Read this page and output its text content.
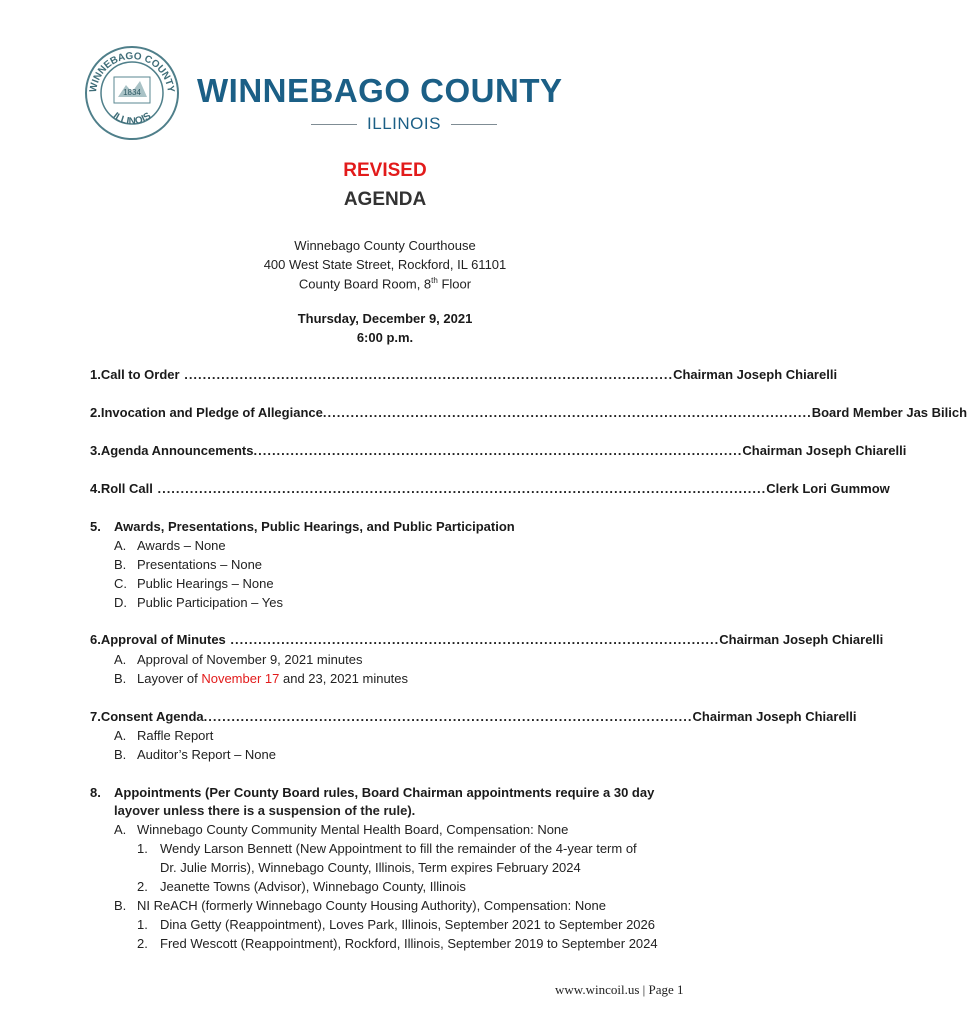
WINNEBAGO COUNTY
ILLINOIS
1834 WINNEBAGO COUNTY
ILLINOIS
REVISED
AGENDA
Winnebago County Courthouse
400 West State Street, Rockford, IL 61101
County Board Room, 8th Floor
Thursday, December 9, 2021
6:00 p.m.
1. Call to Order .......................................................................................................... Chairman Joseph Chiarelli
2. Invocation and Pledge of Allegiance .......................................................................................................... Board Member Jas Bilich
3. Agenda Announcements .......................................................................................................... Chairman Joseph Chiarelli
4. Roll Call .................................................................................................................................... Clerk Lori Gummow
5.	Awards, Presentations, Public Hearings, and Public Participation
A. Awards – None
B. Presentations – None
C. Public Hearings – None
D. Public Participation – Yes
6. Approval of Minutes .......................................................................................................... Chairman Joseph Chiarelli
A. Approval of November 9, 2021 minutes
B. Layover of November 17 and 23, 2021 minutes
7. Consent Agenda .......................................................................................................... Chairman Joseph Chiarelli
A. Raffle Report
B. Auditor’s Report – None
8.	Appointments (Per County Board rules, Board Chairman appointments require a 30 day
layover unless there is a suspension of the rule).
A. Winnebago County Community Mental Health Board, Compensation: None
1. Wendy Larson Bennett (New Appointment to fill the remainder of the 4-year term of
Dr. Julie Morris), Winnebago County, Illinois, Term expires February 2024
2. Jeanette Towns (Advisor), Winnebago County, Illinois
B. NI ReACH (formerly Winnebago County Housing Authority), Compensation: None
1. Dina Getty (Reappointment), Loves Park, Illinois, September 2021 to September 2026
2. Fred Wescott (Reappointment), Rockford, Illinois, September 2019 to September 2024
www.wincoil.us | Page 1
